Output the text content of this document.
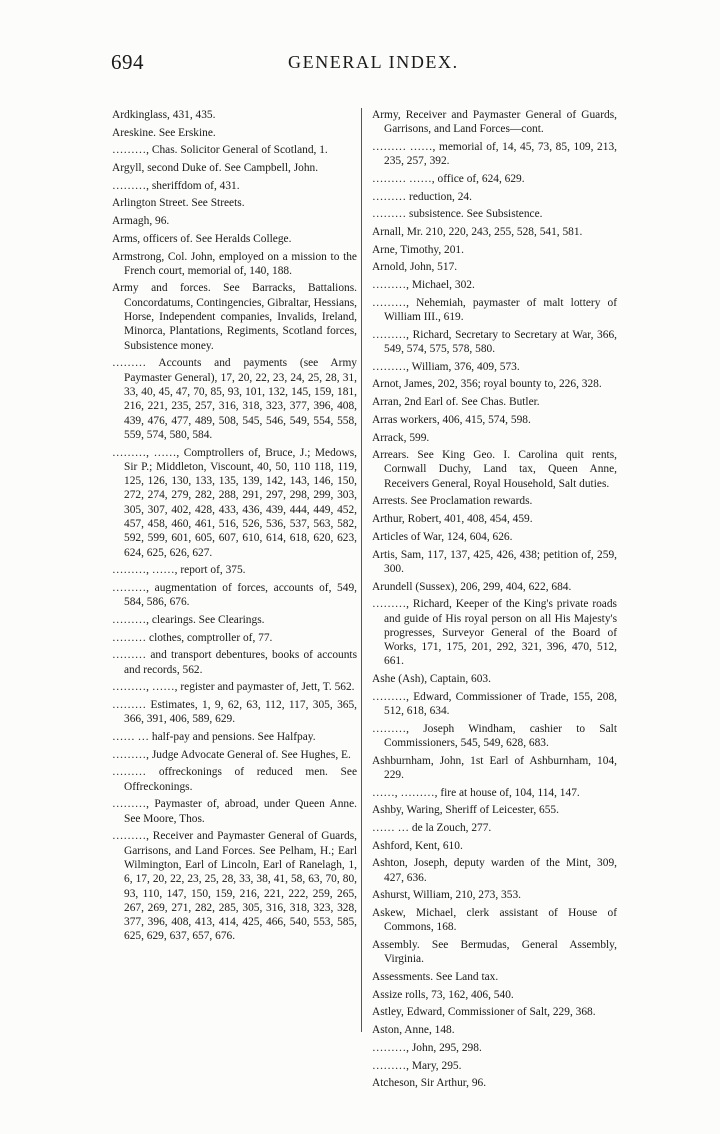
694	GENERAL INDEX.

Ardkinglass, 431, 435.

Areskine. See Erskine.

………, Chas. Solicitor General of Scotland, 1.

Argyll, second Duke of. See Campbell, John.

………, sheriffdom of, 431.

Arlington Street. See Streets.

Armagh, 96.

Arms, officers of. See Heralds College.

Armstrong, Col. John, employed on a mission to the French court, memorial of, 140, 188.

Army and forces. See Barracks, Battalions. Concordatums, Contingencies, Gibraltar, Hessians, Horse, Independent companies, Invalids, Ireland, Minorca, Plantations, Regiments, Scotland forces, Subsistence money.

……… Accounts and payments (see Army Paymaster General), 17, 20, 22, 23, 24, 25, 28, 31, 33, 40, 45, 47, 70, 85, 93, 101, 132, 145, 159, 181, 216, 221, 235, 257, 316, 318, 323, 377, 396, 408, 439, 476, 477, 489, 508, 545, 546, 549, 554, 558, 559, 574, 580, 584.

………, ……, Comptrollers of, Bruce, J.; Medows, Sir P.; Middleton, Viscount, 40, 50, 110 118, 119, 125, 126, 130, 133, 135, 139, 142, 143, 146, 150, 272, 274, 279, 282, 288, 291, 297, 298, 299, 303, 305, 307, 402, 428, 433, 436, 439, 444, 449, 452, 457, 458, 460, 461, 516, 526, 536, 537, 563, 582, 592, 599, 601, 605, 607, 610, 614, 618, 620, 623, 624, 625, 626, 627.

………, ……, report of, 375.

………, augmentation of forces, accounts of, 549, 584, 586, 676.

………, clearings. See Clearings.

……… clothes, comptroller of, 77.

……… and transport debentures, books of accounts and records, 562.

………, ……, register and paymaster of, Jett, T. 562.

……… Estimates, 1, 9, 62, 63, 112, 117, 305, 365, 366, 391, 406, 589, 629.

…… … half-pay and pensions. See Halfpay.

………, Judge Advocate General of. See Hughes, E.

……… offreckonings of reduced men. See Offreckonings.

………, Paymaster of, abroad, under Queen Anne. See Moore, Thos.

………, Receiver and Paymaster General of Guards, Garrisons, and Land Forces. See Pelham, H.; Earl Wilmington, Earl of Lincoln, Earl of Ranelagh, 1, 6, 17, 20, 22, 23, 25, 28, 33, 38, 41, 58, 63, 70, 80, 93, 110, 147, 150, 159, 216, 221, 222, 259, 265, 267, 269, 271, 282, 285, 305, 316, 318, 323, 328, 377, 396, 408, 413, 414, 425, 466, 540, 553, 585, 625, 629, 637, 657, 676.

Army, Receiver and Paymaster General of Guards, Garrisons, and Land Forces—cont.

……… ……, memorial of, 14, 45, 73, 85, 109, 213, 235, 257, 392.

……… ……, office of, 624, 629.

……… reduction, 24.

……… subsistence. See Subsistence.

Arnall, Mr. 210, 220, 243, 255, 528, 541, 581.

Arne, Timothy, 201.

Arnold, John, 517.

………, Michael, 302.

………, Nehemiah, paymaster of malt lottery of William III., 619.

………, Richard, Secretary to Secretary at War, 366, 549, 574, 575, 578, 580.

………, William, 376, 409, 573.

Arnot, James, 202, 356; royal bounty to, 226, 328.

Arran, 2nd Earl of. See Chas. Butler.

Arras workers, 406, 415, 574, 598.

Arrack, 599.

Arrears. See King Geo. I. Carolina quit rents, Cornwall Duchy, Land tax, Queen Anne, Receivers General, Royal Household, Salt duties.

Arrests. See Proclamation rewards.

Arthur, Robert, 401, 408, 454, 459.

Articles of War, 124, 604, 626.

Artis, Sam, 117, 137, 425, 426, 438; petition of, 259, 300.

Arundell (Sussex), 206, 299, 404, 622, 684.

………, Richard, Keeper of the King's private roads and guide of His royal person on all His Majesty's progresses, Surveyor General of the Board of Works, 171, 175, 201, 292, 321, 396, 470, 512, 661.

Ashe (Ash), Captain, 603.

………, Edward, Commissioner of Trade, 155, 208, 512, 618, 634.

………, Joseph Windham, cashier to Salt Commissioners, 545, 549, 628, 683.

Ashburnham, John, 1st Earl of Ashburnham, 104, 229.

……, ………, fire at house of, 104, 114, 147.

Ashby, Waring, Sheriff of Leicester, 655.

…… … de la Zouch, 277.

Ashford, Kent, 610.

Ashton, Joseph, deputy warden of the Mint, 309, 427, 636.

Ashurst, William, 210, 273, 353.

Askew, Michael, clerk assistant of House of Commons, 168.

Assembly. See Bermudas, General Assembly, Virginia.

Assessments. See Land tax.

Assize rolls, 73, 162, 406, 540.

Astley, Edward, Commissioner of Salt, 229, 368.

Aston, Anne, 148.

………, John, 295, 298.

………, Mary, 295.

Atcheson, Sir Arthur, 96.
